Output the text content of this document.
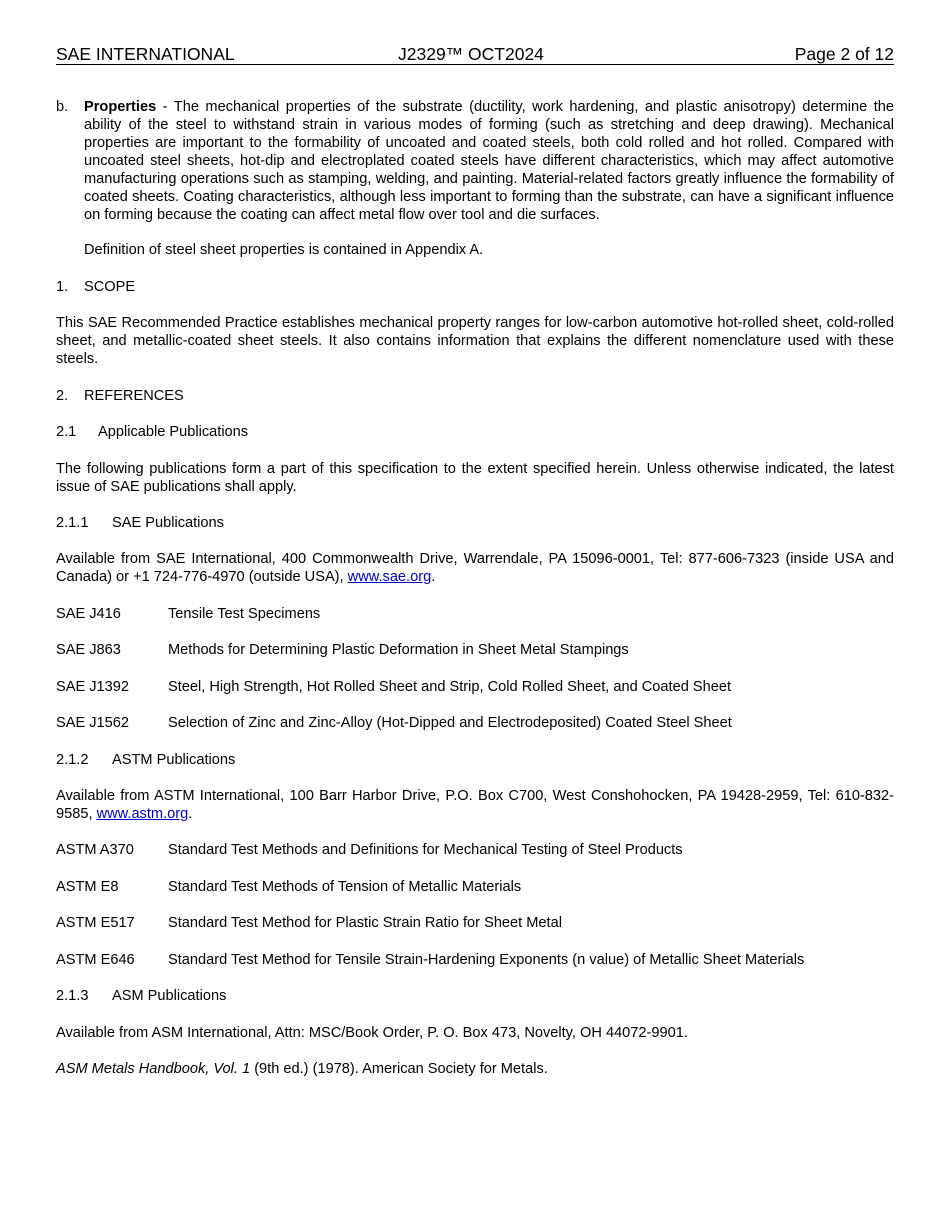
SAE INTERNATIONAL	J2329™ OCT2024	Page 2 of 12
b. Properties - The mechanical properties of the substrate (ductility, work hardening, and plastic anisotropy) determine the ability of the steel to withstand strain in various modes of forming (such as stretching and deep drawing). Mechanical properties are important to the formability of uncoated and coated steels, both cold rolled and hot rolled. Compared with uncoated steel sheets, hot-dip and electroplated coated steels have different characteristics, which may affect automotive manufacturing operations such as stamping, welding, and painting. Material-related factors greatly influence the formability of coated sheets. Coating characteristics, although less important to forming than the substrate, can have a significant influence on forming because the coating can affect metal flow over tool and die surfaces.
Definition of steel sheet properties is contained in Appendix A.
1. SCOPE
This SAE Recommended Practice establishes mechanical property ranges for low-carbon automotive hot-rolled sheet, cold-rolled sheet, and metallic-coated sheet steels. It also contains information that explains the different nomenclature used with these steels.
2. REFERENCES
2.1 Applicable Publications
The following publications form a part of this specification to the extent specified herein. Unless otherwise indicated, the latest issue of SAE publications shall apply.
2.1.1 SAE Publications
Available from SAE International, 400 Commonwealth Drive, Warrendale, PA 15096-0001, Tel: 877-606-7323 (inside USA and Canada) or +1 724-776-4970 (outside USA), www.sae.org.
SAE J416	Tensile Test Specimens
SAE J863	Methods for Determining Plastic Deformation in Sheet Metal Stampings
SAE J1392	Steel, High Strength, Hot Rolled Sheet and Strip, Cold Rolled Sheet, and Coated Sheet
SAE J1562	Selection of Zinc and Zinc-Alloy (Hot-Dipped and Electrodeposited) Coated Steel Sheet
2.1.2 ASTM Publications
Available from ASTM International, 100 Barr Harbor Drive, P.O. Box C700, West Conshohocken, PA 19428-2959, Tel: 610-832-9585, www.astm.org.
ASTM A370 Standard Test Methods and Definitions for Mechanical Testing of Steel Products
ASTM E8	Standard Test Methods of Tension of Metallic Materials
ASTM E517 Standard Test Method for Plastic Strain Ratio for Sheet Metal
ASTM E646 Standard Test Method for Tensile Strain-Hardening Exponents (n value) of Metallic Sheet Materials
2.1.3 ASM Publications
Available from ASM International, Attn: MSC/Book Order, P. O. Box 473, Novelty, OH 44072-9901.
ASM Metals Handbook, Vol. 1 (9th ed.) (1978). American Society for Metals.
